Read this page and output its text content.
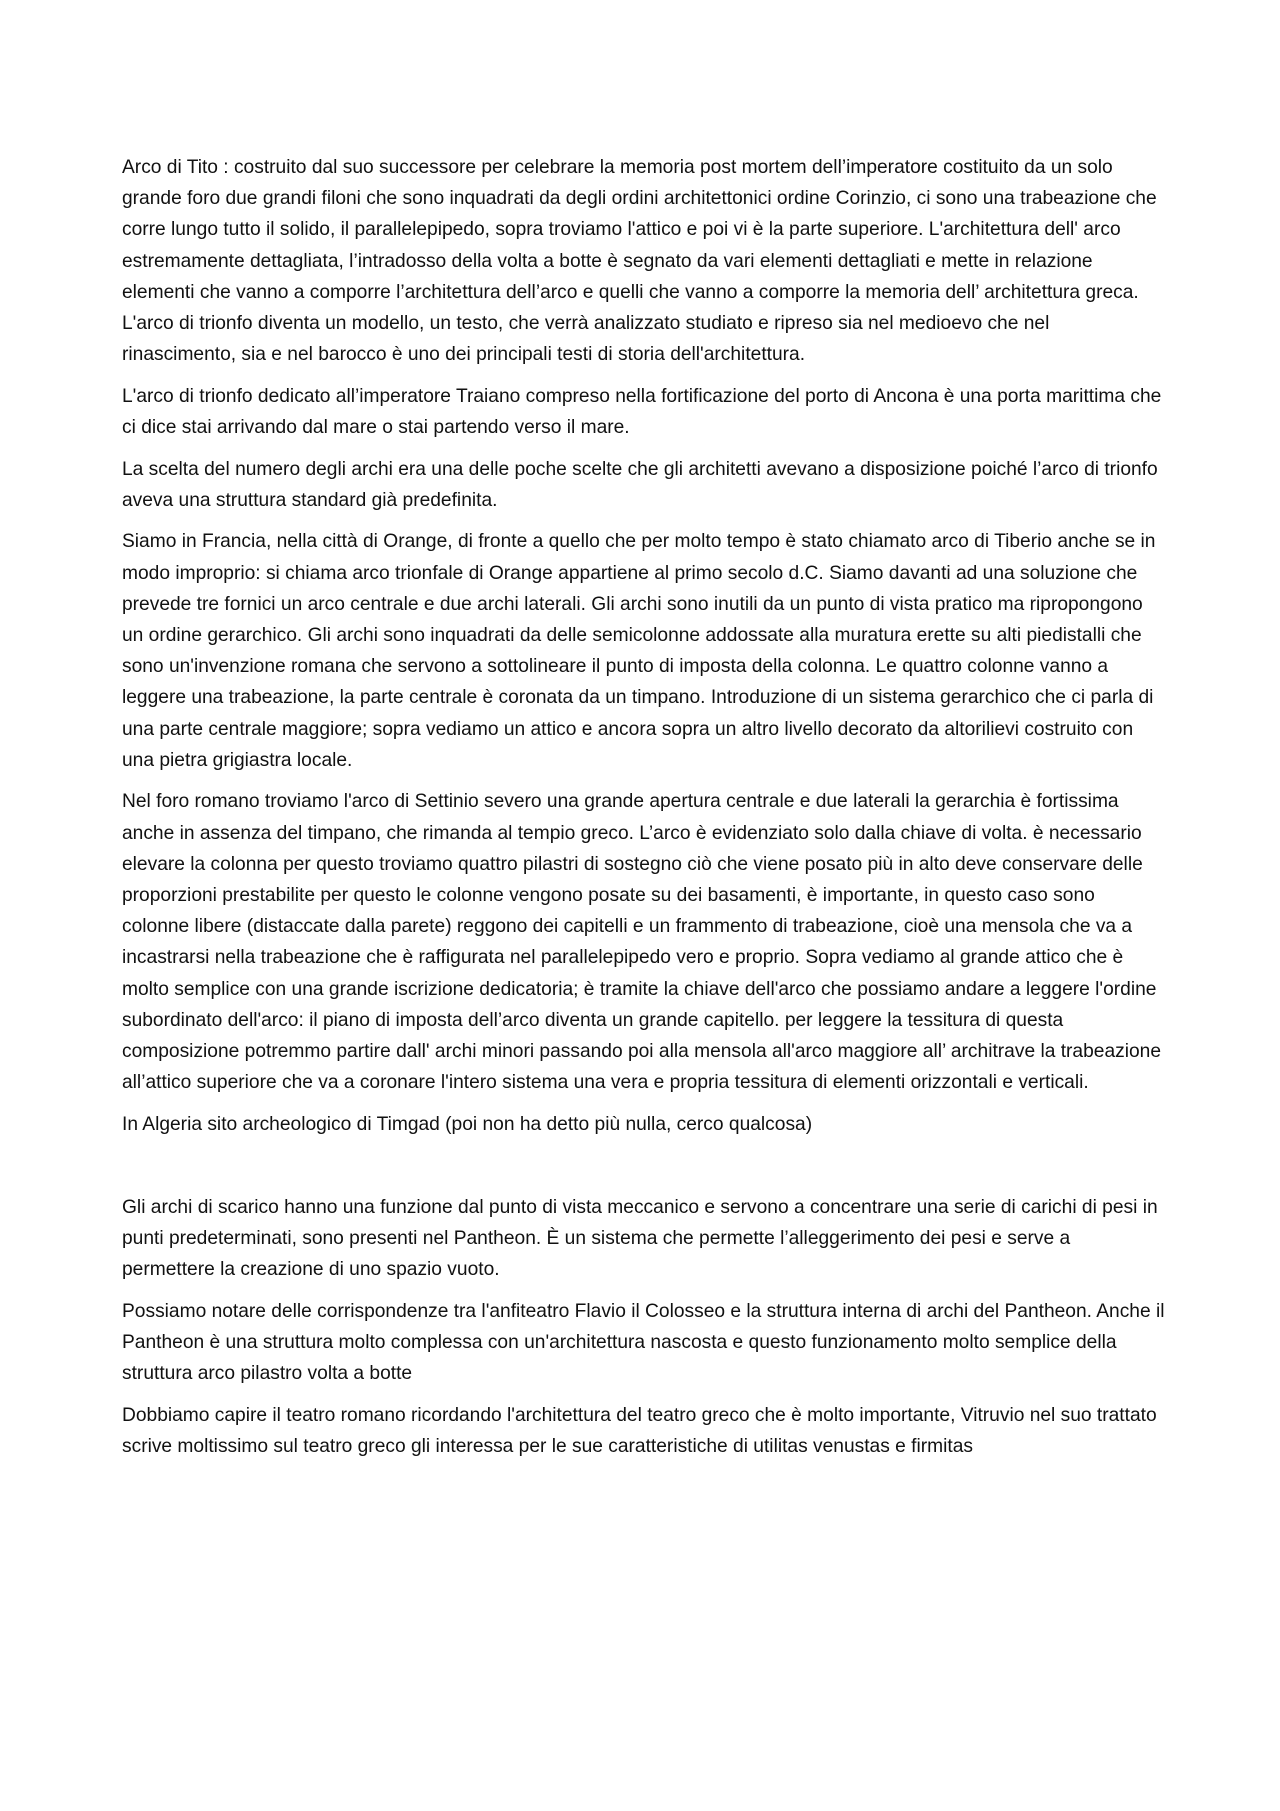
Arco di Tito : costruito dal suo successore per celebrare la memoria post mortem dell’imperatore costituito da un solo grande foro due grandi filoni che sono inquadrati da degli ordini architettonici ordine Corinzio, ci sono una trabeazione che corre lungo tutto il solido, il parallelepipedo, sopra troviamo l'attico e poi vi è la parte superiore. L'architettura dell' arco estremamente dettagliata, l’intradosso della volta a botte è segnato da vari elementi dettagliati e mette in relazione elementi che vanno a comporre l’architettura dell’arco e quelli che vanno a comporre la memoria dell’ architettura greca. L'arco di trionfo diventa un modello, un testo, che verrà analizzato studiato e ripreso sia nel medioevo che nel rinascimento, sia e nel barocco è uno dei principali testi di storia dell'architettura.

L'arco di trionfo dedicato all’imperatore Traiano compreso nella fortificazione del porto di Ancona è una porta marittima che ci dice stai arrivando dal mare o stai partendo verso il mare.

La scelta del numero degli archi era una delle poche scelte che gli architetti avevano a disposizione poiché l’arco di trionfo aveva una struttura standard già predefinita.

Siamo in Francia, nella città di Orange, di fronte a quello che per molto tempo è stato chiamato arco di Tiberio anche se in modo improprio: si chiama arco trionfale di Orange appartiene al primo secolo d.C. Siamo davanti ad una soluzione che prevede tre fornici un arco centrale e due archi laterali. Gli archi sono inutili da un punto di vista pratico ma ripropongono un ordine gerarchico. Gli archi sono inquadrati da delle semicolonne addossate alla muratura erette su alti piedistalli che sono un'invenzione romana che servono a sottolineare il punto di imposta della colonna. Le quattro colonne vanno a leggere una trabeazione, la parte centrale è coronata da un timpano. Introduzione di un sistema gerarchico che ci parla di una parte centrale maggiore; sopra vediamo un attico e ancora sopra un altro livello decorato da altorilievi costruito con una pietra grigiastra locale.

Nel foro romano troviamo l'arco di Settinio severo una grande apertura centrale e due laterali la gerarchia è fortissima anche in assenza del timpano, che rimanda al tempio greco. L’arco è evidenziato solo dalla chiave di volta. è necessario elevare la colonna per questo troviamo quattro pilastri di sostegno ciò che viene posato più in alto deve conservare delle proporzioni prestabilite per questo le colonne vengono posate su dei basamenti, è importante, in questo caso sono colonne libere (distaccate dalla parete) reggono dei capitelli e un frammento di trabeazione, cioè una mensola che va a incastrarsi nella trabeazione che è raffigurata nel parallelepipedo vero e proprio. Sopra vediamo al grande attico che è molto semplice con una grande iscrizione dedicatoria; è tramite la chiave dell'arco che possiamo andare a leggere l'ordine subordinato dell'arco: il piano di imposta dell’arco diventa un grande capitello. per leggere la tessitura di questa composizione potremmo partire dall' archi minori passando poi alla mensola all'arco maggiore all’ architrave la trabeazione all’attico superiore che va a coronare l'intero sistema una vera e propria tessitura di elementi orizzontali e verticali.

In Algeria sito archeologico di Timgad (poi non ha detto più nulla, cerco qualcosa)

Gli archi di scarico hanno una funzione dal punto di vista meccanico e servono a concentrare una serie di carichi di pesi in punti predeterminati, sono presenti nel Pantheon. È un sistema che permette l’alleggerimento dei pesi e serve a permettere la creazione di uno spazio vuoto.

Possiamo notare delle corrispondenze tra l'anfiteatro Flavio il Colosseo e la struttura interna di archi del Pantheon. Anche il Pantheon è una struttura molto complessa con un'architettura nascosta e questo funzionamento molto semplice della struttura arco pilastro volta a botte

Dobbiamo capire il teatro romano ricordando l'architettura del teatro greco che è molto importante, Vitruvio nel suo trattato scrive moltissimo sul teatro greco gli interessa per le sue caratteristiche di utilitas venustas e firmitas
